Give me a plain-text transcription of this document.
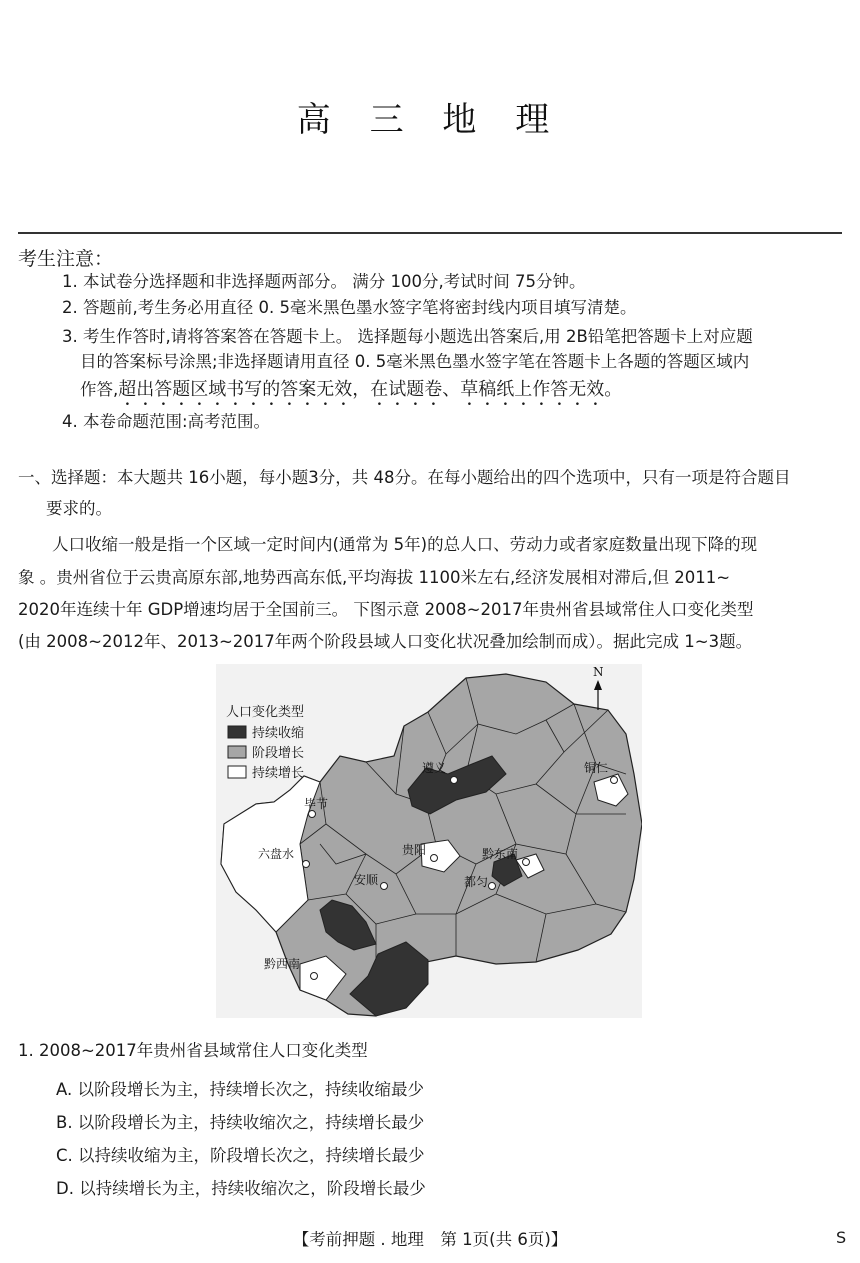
高 三 地 理
考生注意：
1. 本试卷分选择题和非选择题两部分。 满分 100分,考试时间 75分钟。
2. 答题前,考生务必用直径 0. 5毫米黑色墨水签字笔将密封线内项目填写清楚。
3. 考生作答时,请将答案答在答题卡上。 选择题每小题选出答案后,用 2B铅笔把答题卡上对应题
目的答案标号涂黑;非选择题请用直径 0. 5毫米黑色墨水签字笔在答题卡上各题的答题区域内
作答,超出答题区域书写的答案无效，在试题卷、草稿纸上作答无效。
4. 本卷命题范围:高考范围。
一、选择题：本大题共 16小题，每小题3分，共 48分。在每小题给出的四个选项中，只有一项是符合题目
要求的。
人口收缩一般是指一个区域一定时间内(通常为 5年)的总人口、劳动力或者家庭数量出现下降的现
象 。贵州省位于云贵高原东部,地势西高东低,平均海拔 1100米左右,经济发展相对滞后,但 2011~
2020年连续十年 GDP增速均居于全国前三。 下图示意 2008~2017年贵州省县域常住人口变化类型
(由 2008~2012年、2013~2017年两个阶段县域人口变化状况叠加绘制而成）。据此完成 1~3题。
遵义	铜仁
毕节
六盘水	贵阳	黔东南
安顺	都匀
黔西南
N
人口变化类型
持续收缩
阶段增长
持续增长
1. 2008~2017年贵州省县域常住人口变化类型
A. 以阶段增长为主，持续增长次之，持续收缩最少
B. 以阶段增长为主，持续收缩次之，持续增长最少
C. 以持续收缩为主，阶段增长次之，持续增长最少
D. 以持续增长为主，持续收缩次之，阶段增长最少
【考前押题 . 地理　第 1页(共 6页)】	S
